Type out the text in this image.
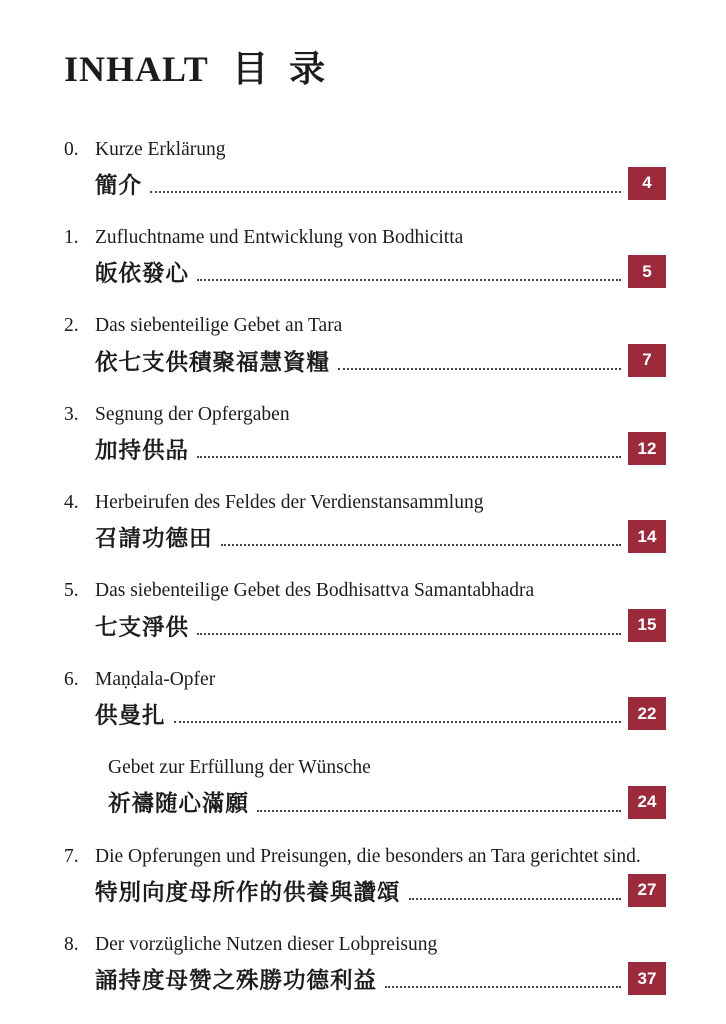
INHALT 目 录
0. Kurze Erklärung
簡介	4
1. Zufluchtname und Entwicklung von Bodhicitta
皈依發心	5
2. Das siebenteilige Gebet an Tara
依七支供積聚福慧資糧	7
3. Segnung der Opfergaben
加持供品	12
4. Herbeirufen des Feldes der Verdienstansammlung
召請功德田	14
5. Das siebenteilige Gebet des Bodhisattva Samantabhadra
七支淨供	15
6. Maṇḍala-Opfer
供曼扎	22
Gebet zur Erfüllung der Wünsche
祈禱随心滿願	24
7. Die Opferungen und Preisungen, die besonders an Tara gerichtet sind.
特別向度母所作的供養與讚頌	27
8. Der vorzügliche Nutzen dieser Lobpreisung
誦持度母赞之殊勝功德利益	37
